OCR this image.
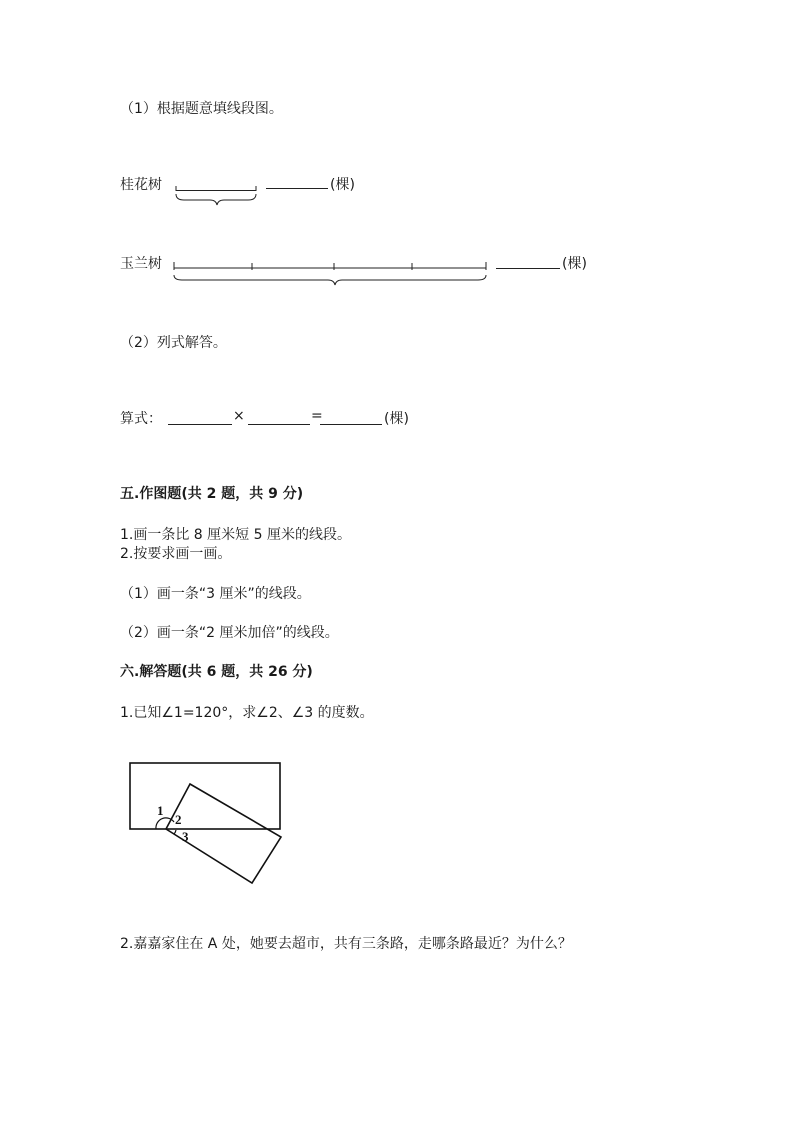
（1）根据题意填线段图。
桂花树	(棵)
玉兰树	(棵)
（2）列式解答。
算式：	×	=	(棵)
五.作图题(共 2 题，共 9 分)
1.画一条比 8 厘米短 5 厘米的线段。
2.按要求画一画。
（1）画一条“3 厘米”的线段。
（2）画一条“2 厘米加倍”的线段。
六.解答题(共 6 题，共 26 分)
1.已知∠1=120°，求∠2、∠3 的度数。
1
2
3
2.嘉嘉家住在 A 处，她要去超市，共有三条路，走哪条路最近？为什么？
